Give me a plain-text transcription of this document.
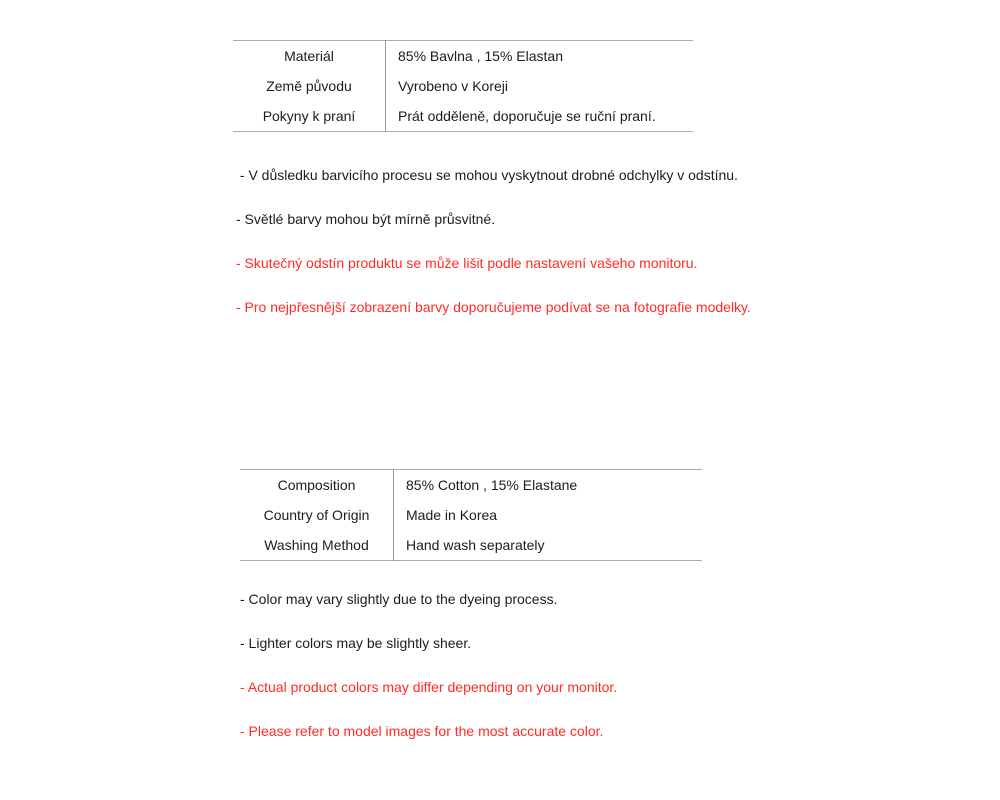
Materiál	85% Bavlna , 15% Elastan
Země původu	Vyrobeno v Koreji
Pokyny k praní	Prát odděleně, doporučuje se ruční praní.
- V důsledku barvicího procesu se mohou vyskytnout drobné odchylky v odstínu.
- Světlé barvy mohou být mírně průsvitné.
- Skutečný odstín produktu se může lišit podle nastavení vašeho monitoru.
- Pro nejpřesnější zobrazení barvy doporučujeme podívat se na fotografie modelky.
Composition	85% Cotton , 15% Elastane
Country of Origin	Made in Korea
Washing Method	Hand wash separately
- Color may vary slightly due to the dyeing process.
- Lighter colors may be slightly sheer.
- Actual product colors may differ depending on your monitor.
- Please refer to model images for the most accurate color.
